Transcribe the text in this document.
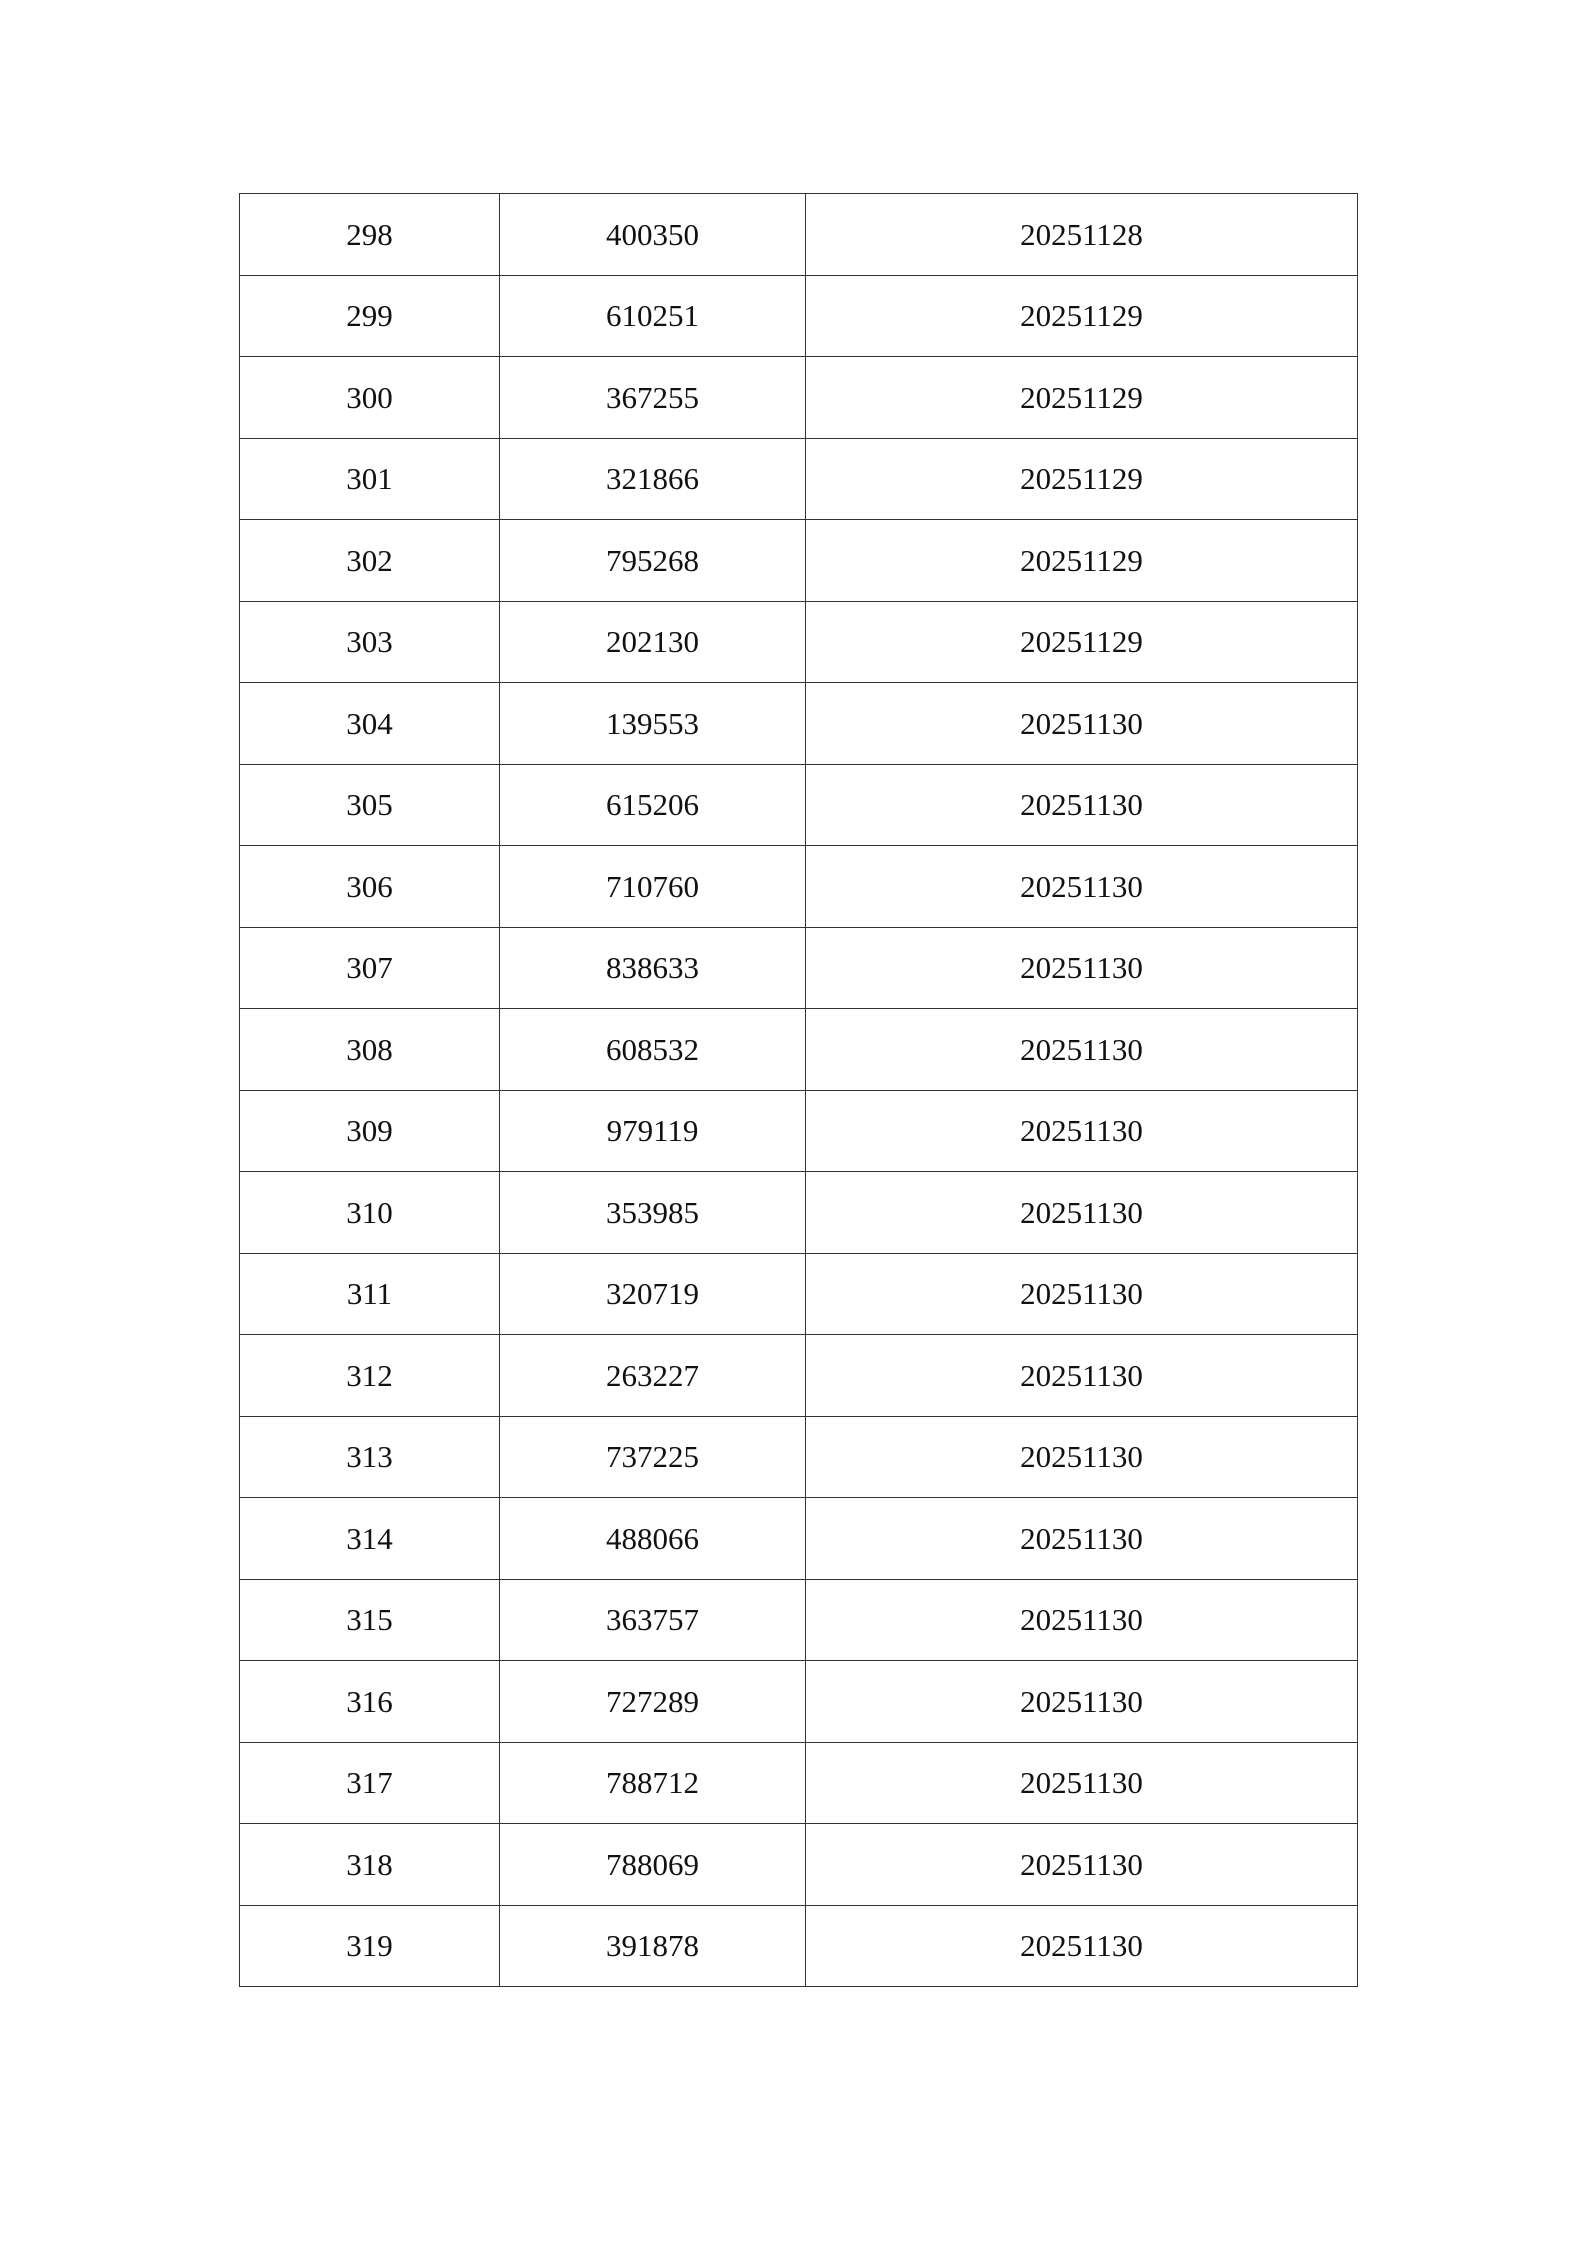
298	400350	20251128
299	610251	20251129
300	367255	20251129
301	321866	20251129
302	795268	20251129
303	202130	20251129
304	139553	20251130
305	615206	20251130
306	710760	20251130
307	838633	20251130
308	608532	20251130
309	979119	20251130
310	353985	20251130
311	320719	20251130
312	263227	20251130
313	737225	20251130
314	488066	20251130
315	363757	20251130
316	727289	20251130
317	788712	20251130
318	788069	20251130
319	391878	20251130
